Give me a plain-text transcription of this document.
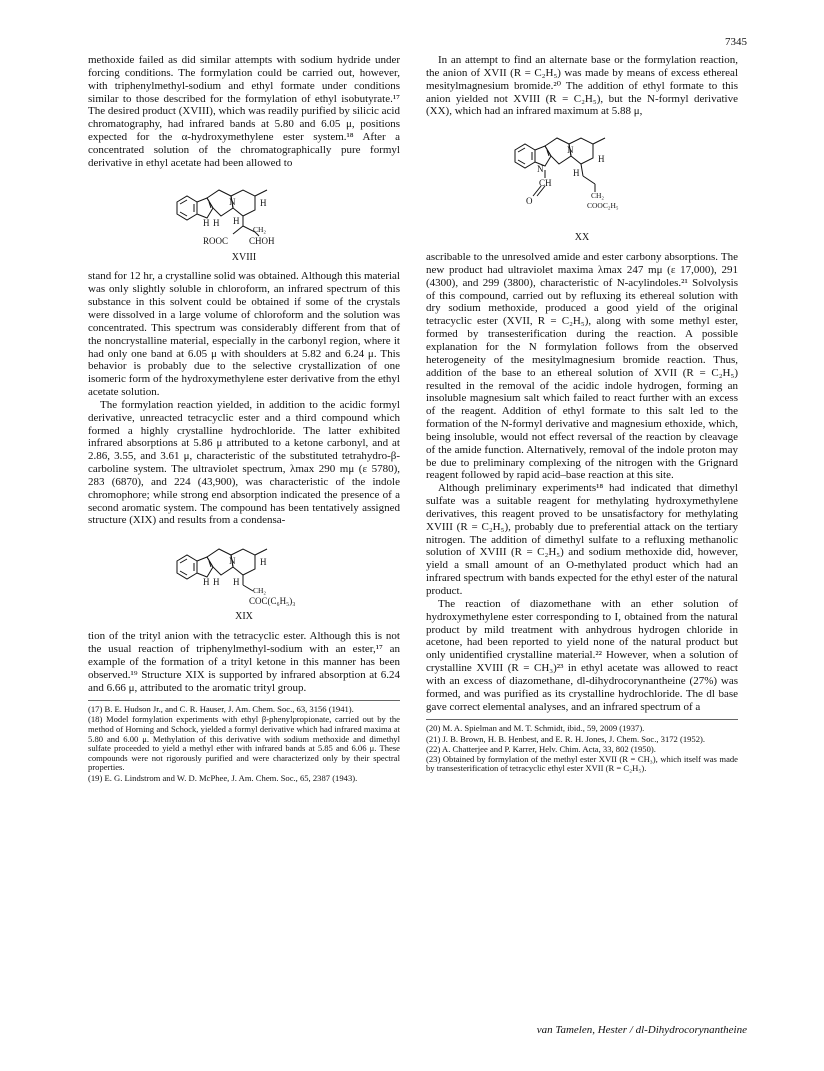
7345

methoxide failed as did similar attempts with sodium hydride under forcing conditions. The formylation could be carried out, however, with triphenylmethyl-sodium and ethyl formate under conditions similar to those described for the formylation of ethyl isobutyrate.¹⁷ The desired product (XVIII), which was readily purified by silicic acid chromatography, had infrared bands at 5.80 and 6.05 μ, positions expected for the α-hydroxymethylene ester system.¹⁸ After a concentrated solution of the chromatographically pure formyl derivative in ethyl acetate had been allowed to

H H
N	H
H
CH₂
ROOC CHOH
XVIII

stand for 12 hr, a crystalline solid was obtained. Although this material was only slightly soluble in chloroform, an infrared spectrum of this substance in this solvent could be obtained if some of the crystals were dissolved in a large volume of chloroform and the solution was concentrated. This spectrum was considerably different from that of the noncrystalline material, especially in the carbonyl region, where it had only one band at 6.05 μ with shoulders at 5.82 and 6.24 μ. This behavior is probably due to the selective crystallization of one isomeric form of the hydroxymethylene ester derivative from the ethyl acetate solution.

The formylation reaction yielded, in addition to the acidic formyl derivative, unreacted tetracyclic ester and a third compound which formed a highly crystalline hydrochloride. The latter exhibited infrared absorptions at 5.86 μ attributed to a ketone carbonyl, and at 2.86, 3.55, and 3.61 μ, characteristic of the substituted tetrahydro-β-carboline system. The ultraviolet spectrum, λmax 290 mμ (ε 5780), 283 (6870), and 224 (43,900), was characteristic of the indole chromophore; while strong end absorption indicated the presence of a second aromatic system. The compound has been tentatively assigned structure (XIX) and results from a condensa-

H H
N	H
H
CH₂
COC(C₆H₅)₃
XIX

tion of the trityl anion with the tetracyclic ester. Although this is not the usual reaction of triphenylmethyl-sodium with an ester,¹⁷ an example of the formation of a trityl ketone in this manner has been observed.¹⁹ Structure XIX is supported by infrared absorption at 6.24 and 6.66 μ, attributed to the aromatic trityl group.

(17) B. E. Hudson Jr., and C. R. Hauser, J. Am. Chem. Soc., 63, 3156 (1941).

(18) Model formylation experiments with ethyl β-phenylpropionate, carried out by the method of Horning and Schock, yielded a formyl derivative which had infrared maxima at 5.80 and 6.00 μ. Methylation of this derivative with sodium methoxide and dimethyl sulfate proceeded to yield a methyl ether with infrared bands at 5.85 and 6.06 μ. These compounds were not rigorously purified and were characterized only by their spectral properties.

(19) E. G. Lindstrom and W. D. McPhee, J. Am. Chem. Soc., 65, 2387 (1943).

In an attempt to find an alternate base or the formylation reaction, the anion of XVII (R = C₂H₅) was made by means of excess ethereal mesitylmagnesium bromide.²⁰ The addition of ethyl formate to this anion yielded not XVIII (R = C₂H₅), but the N-formyl derivative (XX), which had an infrared maximum at 5.88 μ,

N
N
CH
O
H
H
CH₂
COOC₂H₅
XX

ascribable to the unresolved amide and ester carbony absorptions. The new product had ultraviolet maxima λmax 247 mμ (ε 17,000), 291 (4300), and 299 (3800), characteristic of N-acylindoles.²¹ Solvolysis of this compound, carried out by refluxing its ethereal solution with dry sodium methoxide, produced a good yield of the original tetracyclic ester (XVII, R = C₂H₅), along with some methyl ester, formed by transesterification during the reaction. A possible explanation for the N formylation follows from the observed heterogeneity of the mesitylmagnesium bromide reaction. Thus, addition of the base to an ethereal solution of XVII (R = C₂H₅) resulted in the removal of the acidic indole hydrogen, forming an insoluble magnesium salt which failed to react further with an excess of the reagent. Addition of ethyl formate to this salt led to the formation of the N-formyl derivative and magnesium ethoxide, which, being insoluble, would not effect reversal of the reaction by cleavage of the amide function. Alternatively, removal of the indole proton may be due to preliminary complexing of the nitrogen with the Grignard reagent followed by rapid acid–base reaction at this site.

Although preliminary experiments¹⁸ had indicated that dimethyl sulfate was a suitable reagent for methylating hydroxymethylene derivatives, this reagent proved to be unsatisfactory for methylating XVIII (R = C₂H₅), probably due to preferential attack on the tertiary nitrogen. The addition of dimethyl sulfate to a refluxing methanolic solution of XVIII (R = C₂H₅) and sodium methoxide did, however, yield a small amount of an O-methylated product which had an infrared spectrum with bands expected for the ethyl ester of the natural product.

The reaction of diazomethane with an ether solution of hydroxymethylene ester corresponding to I, obtained from the natural product by mild treatment with anhydrous hydrogen chloride in acetone, had been reported to yield none of the natural product but only unidentified crystalline material.²² However, when a solution of crystalline XVIII (R = CH₃)²³ in ethyl acetate was allowed to react with an excess of diazomethane, dl-dihydrocorynantheine (27%) was formed, and was purified as its crystalline hydrochloride. The dl base gave correct elemental analyses, and an infrared spectrum of a

(20) M. A. Spielman and M. T. Schmidt, ibid., 59, 2009 (1937).

(21) J. B. Brown, H. B. Henbest, and E. R. H. Jones, J. Chem. Soc., 3172 (1952).

(22) A. Chatterjee and P. Karrer, Helv. Chim. Acta, 33, 802 (1950).

(23) Obtained by formylation of the methyl ester XVII (R = CH₃), which itself was made by transesterification of tetracyclic ethyl ester XVII (R = C₂H₅).

van Tamelen, Hester / dl-Dihydrocorynantheine
